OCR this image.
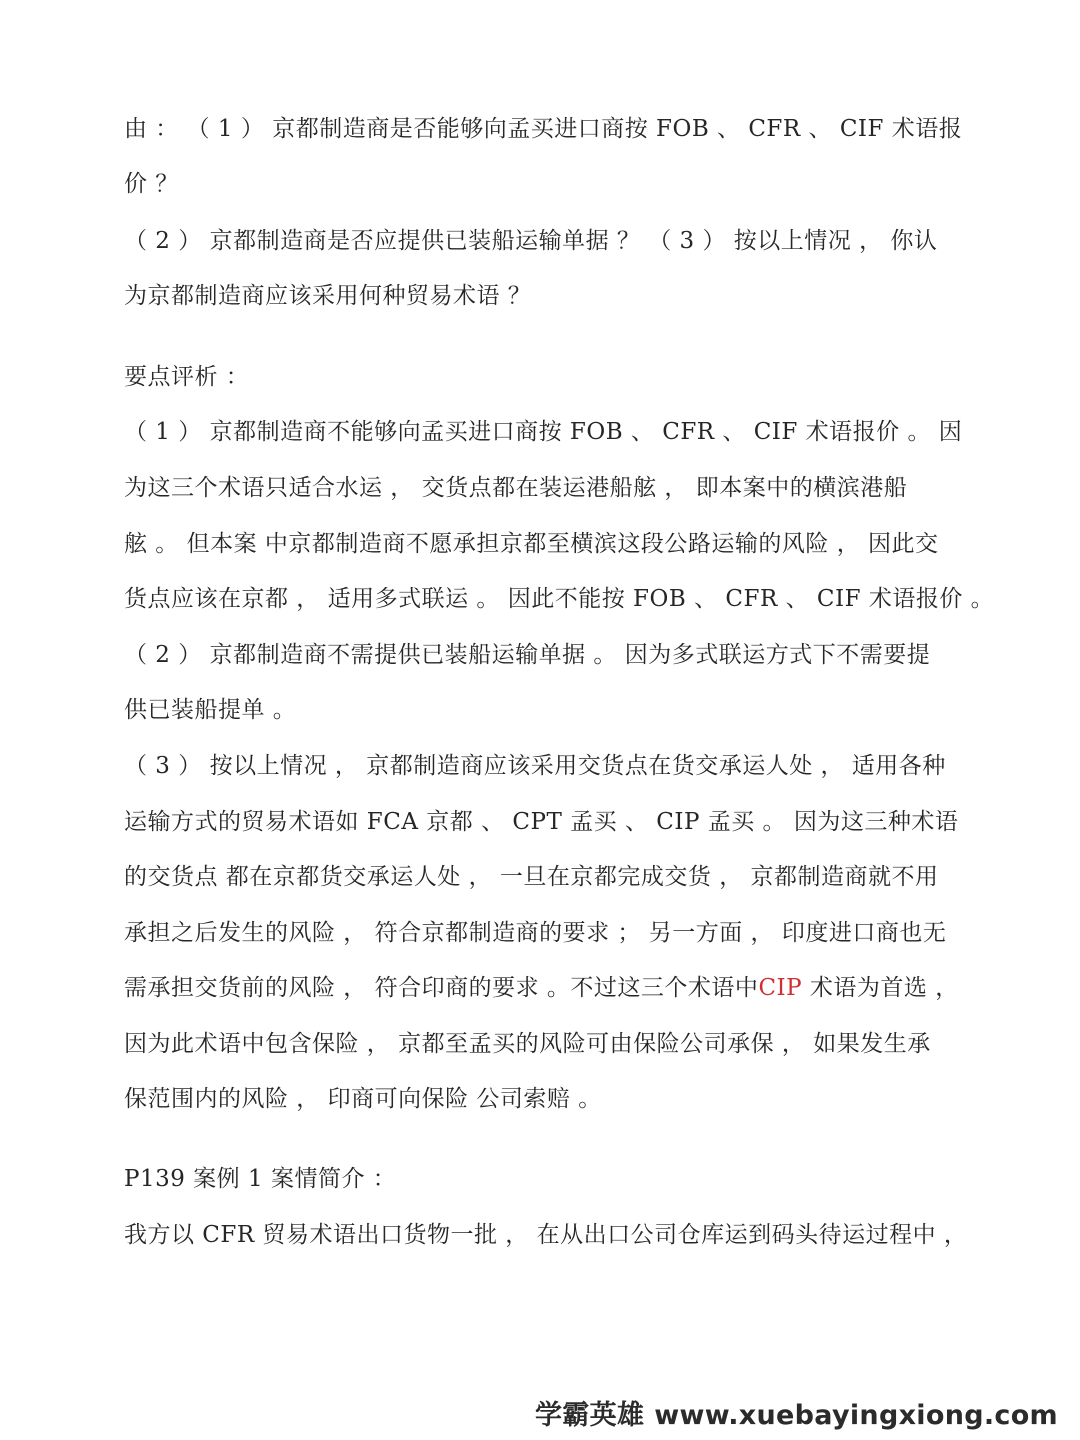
由 ： （ 1 ） 京都制造商是否能够向孟买进口商按 FOB 、 CFR 、 CIF 术语报
价 ？
（ 2 ） 京都制造商是否应提供已装船运输单据 ？ （ 3 ） 按以上情况 ， 你认
为京都制造商应该采用何种贸易术语 ？
要点评析 ：
（ 1 ） 京都制造商不能够向孟买进口商按 FOB 、 CFR 、 CIF 术语报价 。 因
为这三个术语只适合水运 ， 交货点都在装运港船舷 ， 即本案中的横滨港船
舷 。 但本案 中京都制造商不愿承担京都至横滨这段公路运输的风险 ， 因此交
货点应该在京都 ， 适用多式联运 。 因此不能按 FOB 、 CFR 、 CIF 术语报价 。
（ 2 ） 京都制造商不需提供已装船运输单据 。 因为多式联运方式下不需要提
供已装船提单 。
（ 3 ） 按以上情况 ， 京都制造商应该采用交货点在货交承运人处 ， 适用各种
运输方式的贸易术语如 FCA 京都 、 CPT 孟买 、 CIP 孟买 。 因为这三种术语
的交货点 都在京都货交承运人处 ， 一旦在京都完成交货 ， 京都制造商就不用
承担之后发生的风险 ， 符合京都制造商的要求 ； 另一方面 ， 印度进口商也无
需承担交货前的风险 ， 符合印商的要求 。不过这三个术语中CIP 术语为首选 ，
因为此术语中包含保险 ， 京都至孟买的风险可由保险公司承保 ， 如果发生承
保范围内的风险 ， 印商可向保险 公司索赔 。
P139 案例 1 案情简介 ：
我方以 CFR 贸易术语出口货物一批 ， 在从出口公司仓库运到码头待运过程中 ，
学霸英雄 www.xuebayingxiong.com
